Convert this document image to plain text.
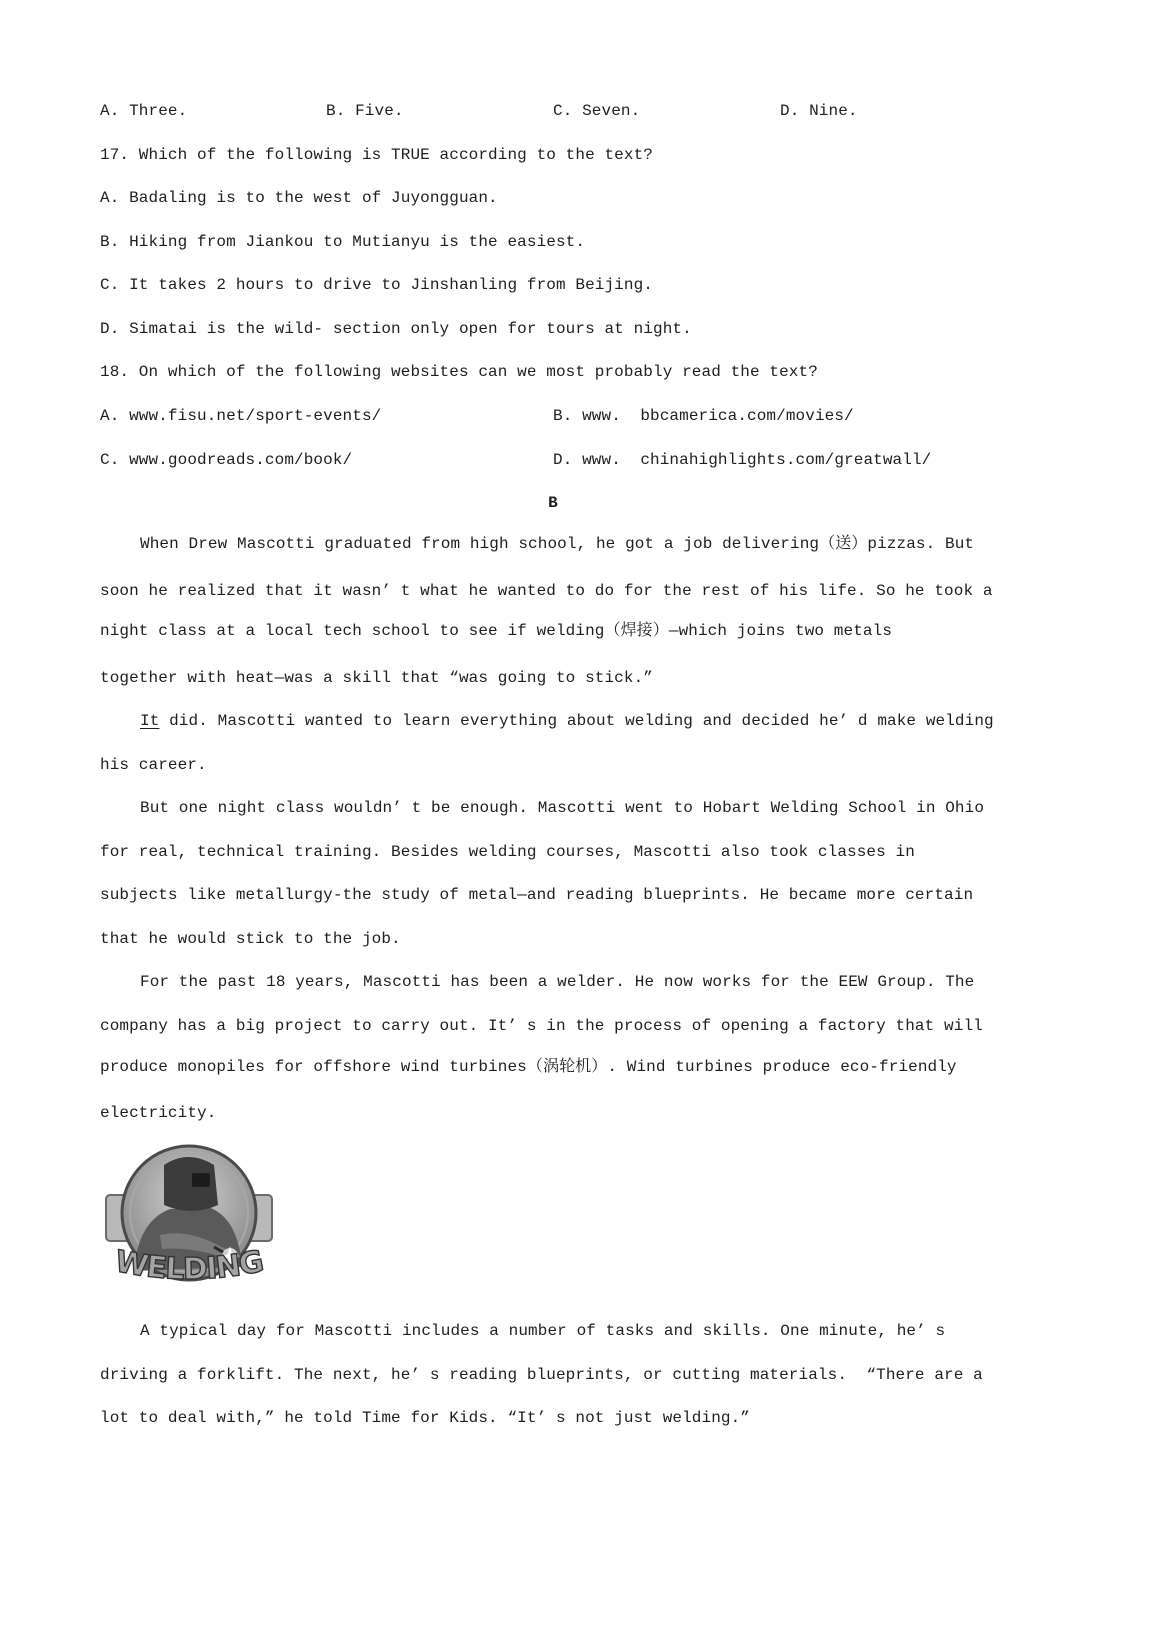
A. Three.	B. Five.	C. Seven.	D. Nine.
17. Which of the following is TRUE according to the text?
A. Badaling is to the west of Juyongguan.
B. Hiking from Jiankou to Mutianyu is the easiest.
C. It takes 2 hours to drive to Jinshanling from Beijing.
D. Simatai is the wild- section only open for tours at night.
18. On which of the following websites can we most probably read the text?
A. www.fisu.net/sport-events/	B. www.  bbcamerica.com/movies/
C. www.goodreads.com/book/	D. www.  chinahighlights.com/greatwall/
B
When Drew Mascotti graduated from high school, he got a job delivering（送）pizzas. But
soon he realized that it wasn’ t what he wanted to do for the rest of his life. So he took a
night class at a local tech school to see if welding（焊接）—which joins two metals
together with heat—was a skill that “was going to stick.”
It did. Mascotti wanted to learn everything about welding and decided he’ d make welding
his career.
But one night class wouldn’ t be enough. Mascotti went to Hobart Welding School in Ohio
for real, technical training. Besides welding courses, Mascotti also took classes in
subjects like metallurgy-the study of metal—and reading blueprints. He became more certain
that he would stick to the job.
For the past 18 years, Mascotti has been a welder. He now works for the EEW Group. The
company has a big project to carry out. It’ s in the process of opening a factory that will
produce monopiles for offshore wind turbines（涡轮机）. Wind turbines produce eco-friendly
electricity.
WELDING
A typical day for Mascotti includes a number of tasks and skills. One minute, he’ s
driving a forklift. The next, he’ s reading blueprints, or cutting materials.  “There are a
lot to deal with,” he told Time for Kids. “It’ s not just welding.”
